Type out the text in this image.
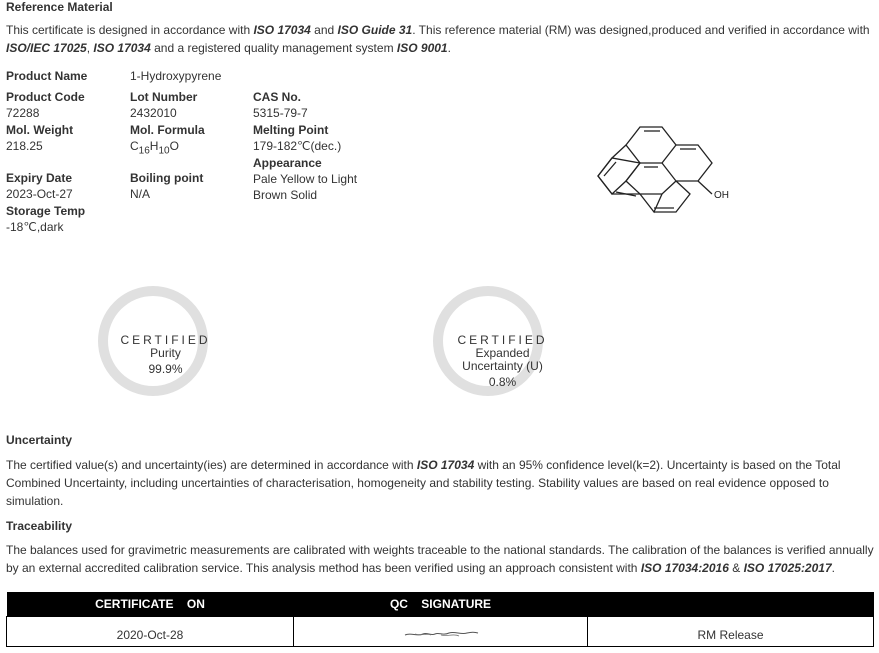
Reference Material
This certificate is designed in accordance with ISO 17034 and ISO Guide 31. This reference material (RM) was designed,produced and verified in accordance with ISO/IEC 17025, ISO 17034 and a registered quality management system ISO 9001.
Product Name	1-Hydroxypyrene
Product Code
72288
Lot Number
2432010
CAS No.
5315-79-7
Mol. Weight
218.25
Mol. Formula
$C_{16}H_{10}O$
Melting Point
179-182℃(dec.)
Appearance
Pale Yellow to Light
Brown Solid
Expiry Date
2023-Oct-27
Boiling point
N/A
Storage Temp
-18℃,dark
OH
CERTIFIED
Purity
99.9%
CERTIFIED
Expanded
Uncertainty (U)
0.8%
Uncertainty
The certified value(s) and uncertainty(ies) are determined in accordance with ISO 17034 with an 95% confidence level(k=2). Uncertainty is based on the Total Combined Uncertainty, including uncertainties of characterisation, homogeneity and stability testing. Stability values are based on real evidence opposed to simulation.
Traceability
The balances used for gravimetric measurements are calibrated with weights traceable to the national standards. The calibration of the balances is verified annually by an external accredited calibration service. This analysis method has been verified using an approach consistent with ISO 17034:2016 & ISO 17025:2017.
CERTIFICATE    ON	QC    SIGNATURE	
2020-Oct-28		RM Release
